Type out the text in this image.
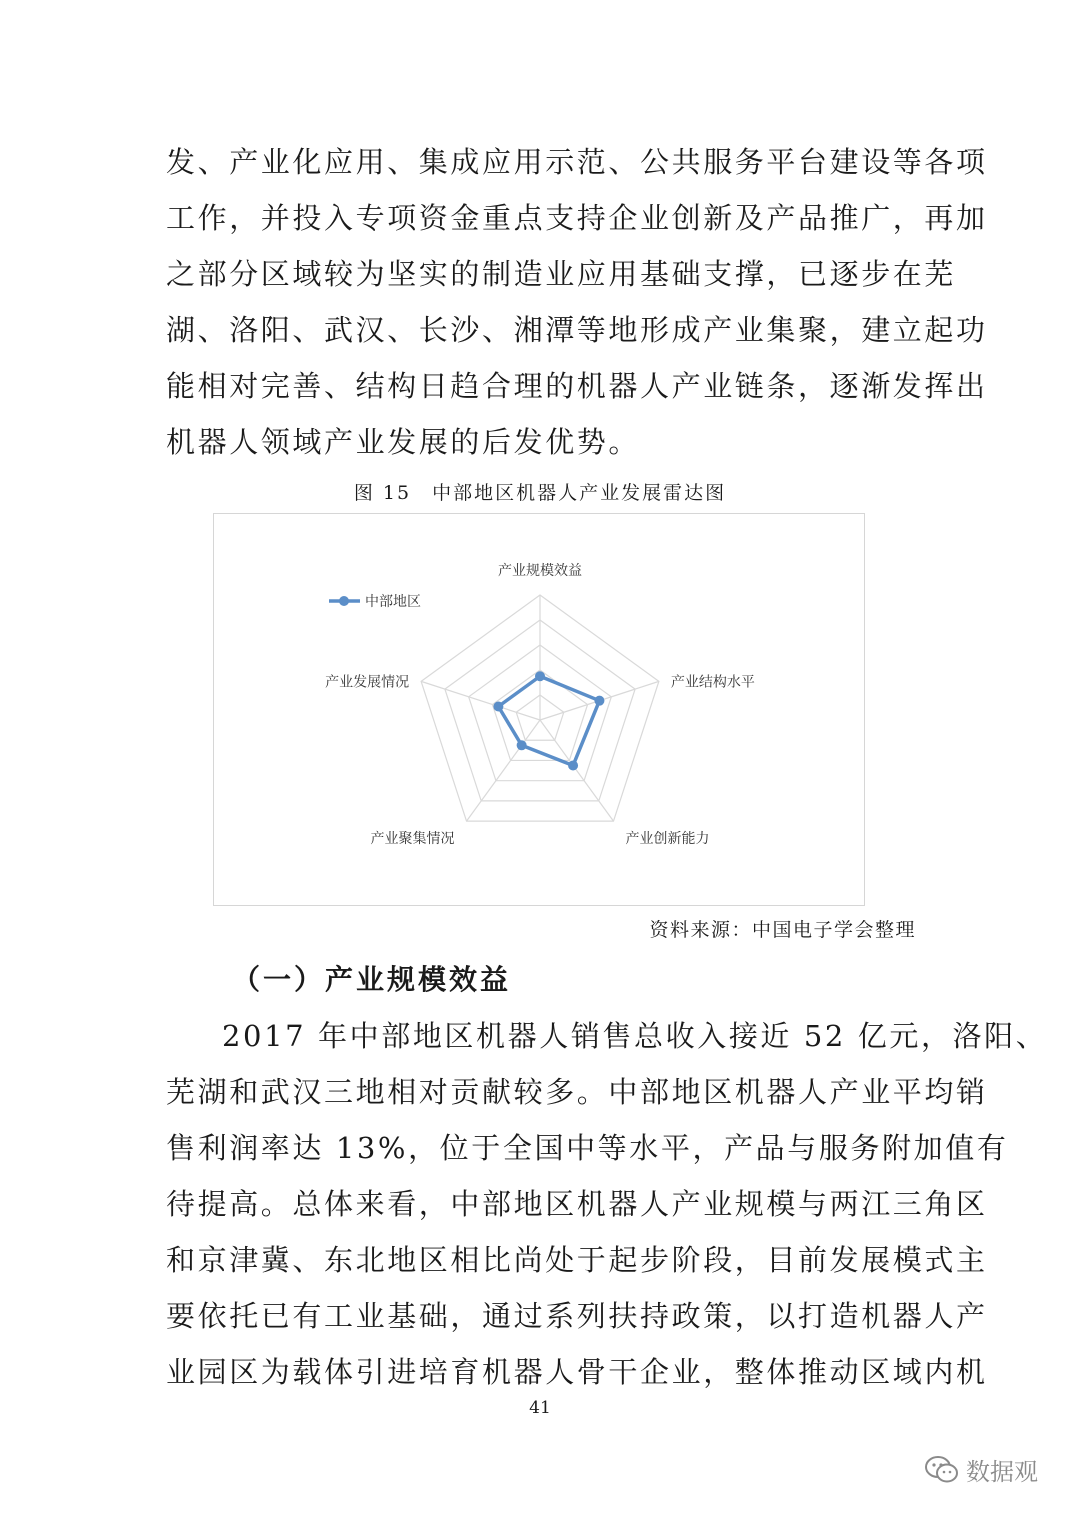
发、产业化应用、集成应用示范、公共服务平台建设等各项
工作，并投入专项资金重点支持企业创新及产品推广，再加
之部分区域较为坚实的制造业应用基础支撑，已逐步在芜
湖、洛阳、武汉、长沙、湘潭等地形成产业集聚，建立起功
能相对完善、结构日趋合理的机器人产业链条，逐渐发挥出
机器人领域产业发展的后发优势。
图 15　中部地区机器人产业发展雷达图
产业规模效益
产业结构水平
产业创新能力
产业聚集情况
产业发展情况
中部地区
资料来源：中国电子学会整理
（一）产业规模效益
2017 年中部地区机器人销售总收入接近 52 亿元，洛阳、
芜湖和武汉三地相对贡献较多。中部地区机器人产业平均销
售利润率达 13%，位于全国中等水平，产品与服务附加值有
待提高。总体来看，中部地区机器人产业规模与两江三角区
和京津冀、东北地区相比尚处于起步阶段，目前发展模式主
要依托已有工业基础，通过系列扶持政策，以打造机器人产
业园区为载体引进培育机器人骨干企业，整体推动区域内机
41
数据观
